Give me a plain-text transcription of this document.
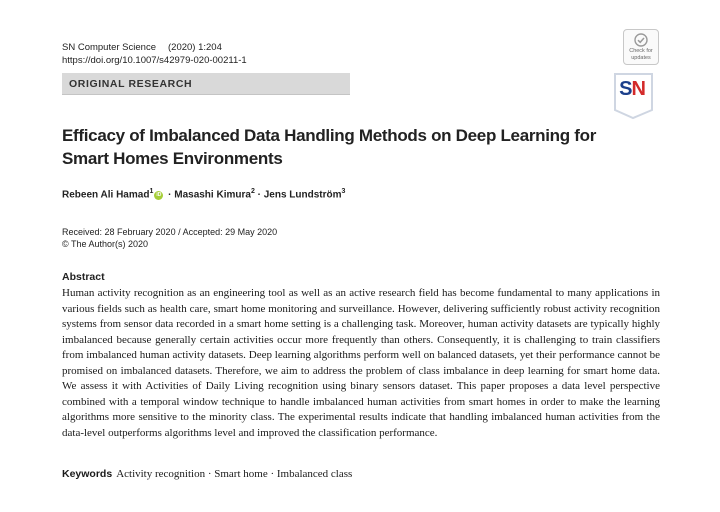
SN Computer Science (2020) 1:204
https://doi.org/10.1007/s42979-020-00211-1
ORIGINAL RESEARCH
Check for
updates
SN
Efficacy of Imbalanced Data Handling Methods on Deep Learning for Smart Homes Environments
Rebeen Ali Hamad$^1$iD · Masashi Kimura$^2$ · Jens Lundström$^3$
Received: 28 February 2020 / Accepted: 29 May 2020
© The Author(s) 2020
Abstract
Human activity recognition as an engineering tool as well as an active research field has become fundamental to many applications in various fields such as health care, smart home monitoring and surveillance. However, delivering sufficiently robust activity recognition systems from sensor data recorded in a smart home setting is a challenging task. Moreover, human activity datasets are typically highly imbalanced because generally certain activities occur more frequently than others. Consequently, it is challenging to train classifiers from imbalanced human activity datasets. Deep learning algorithms perform well on balanced datasets, yet their performance cannot be promised on imbalanced datasets. Therefore, we aim to address the problem of class imbalance in deep learning for smart home data. We assess it with Activities of Daily Living recognition using binary sensors dataset. This paper proposes a data level perspective combined with a temporal window technique to handle imbalanced human activities from smart homes in order to make the learning algorithms more sensitive to the minority class. The experimental results indicate that handling imbalanced human activities from the data-level outperforms algorithms level and improved the classification performance.
Keywords Activity recognition · Smart home · Imbalanced class
